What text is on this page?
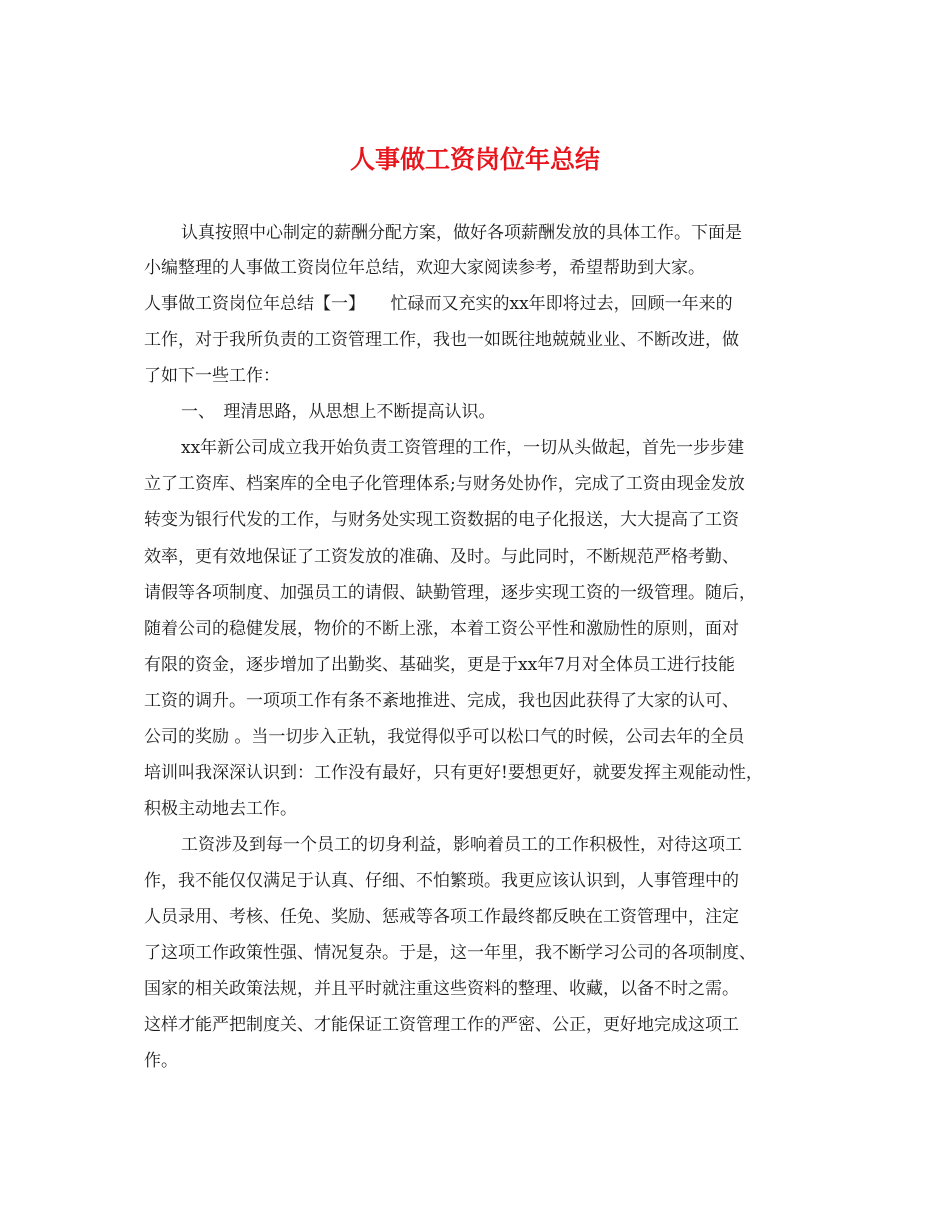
人事做工资岗位年总结

认真按照中心制定的薪酬分配方案，做好各项薪酬发放的具体工作。下面是

小编整理的人事做工资岗位年总结，欢迎大家阅读参考，希望帮助到大家。

人事做工资岗位年总结【一】　　忙碌而又充实的xx年即将过去，回顾一年来的

工作，对于我所负责的工资管理工作，我也一如既往地兢兢业业、不断改进，做

了如下一些工作：

一、　理清思路，从思想上不断提高认识。

xx年新公司成立我开始负责工资管理的工作，一切从头做起，首先一步步建

立了工资库、档案库的全电子化管理体系;与财务处协作，完成了工资由现金发放

转变为银行代发的工作，与财务处实现工资数据的电子化报送，大大提高了工资

效率，更有效地保证了工资发放的准确、及时。与此同时，不断规范严格考勤、

请假等各项制度、加强员工的请假、缺勤管理，逐步实现工资的一级管理。随后，

随着公司的稳健发展，物价的不断上涨，本着工资公平性和激励性的原则，面对

有限的资金，逐步增加了出勤奖、基础奖，更是于xx年7月对全体员工进行技能

工资的调升。一项项工作有条不紊地推进、完成，我也因此获得了大家的认可、

公司的奖励 。当一切步入正轨，我觉得似乎可以松口气的时候，公司去年的全员

培训叫我深深认识到：工作没有最好，只有更好!要想更好，就要发挥主观能动性，

积极主动地去工作。

工资涉及到每一个员工的切身利益，影响着员工的工作积极性，对待这项工

作，我不能仅仅满足于认真、仔细、不怕繁琐。我更应该认识到，人事管理中的

人员录用、考核、任免、奖励、惩戒等各项工作最终都反映在工资管理中，注定

了这项工作政策性强、情况复杂。于是，这一年里，我不断学习公司的各项制度、

国家的相关政策法规，并且平时就注重这些资料的整理、收藏，以备不时之需。

这样才能严把制度关、才能保证工资管理工作的严密、公正，更好地完成这项工

作。
